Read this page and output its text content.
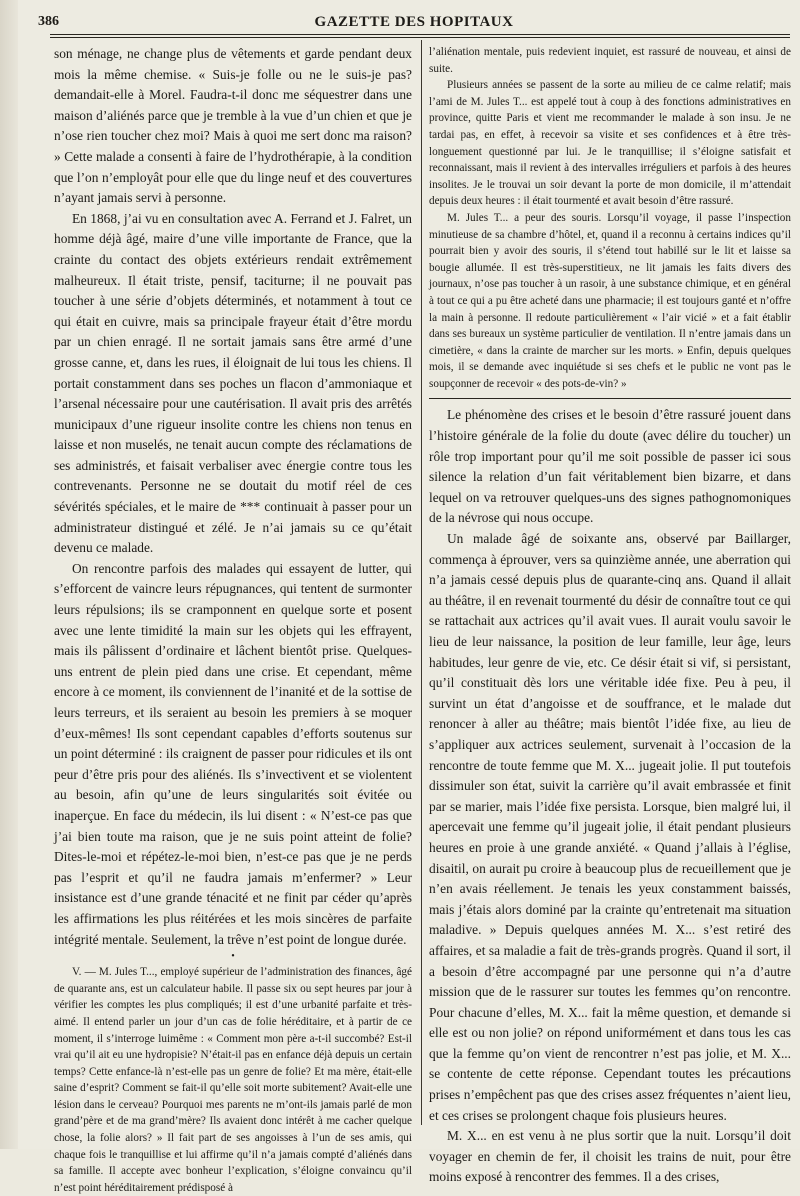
386	GAZETTE DES HOPITAUX

son ménage, ne change plus de vêtements et garde pendant deux mois la même chemise. « Suis-je folle ou ne le suis-je pas? demandait-elle à Morel. Faudra-t-il donc me séquestrer dans une maison d’aliénés parce que je tremble à la vue d’un chien et que je n’ose rien toucher chez moi? Mais à quoi me sert donc ma raison? » Cette malade a consenti à faire de l’hydrothérapie, à la condition que l’on n’employât pour elle que du linge neuf et des couvertures n’ayant jamais servi à personne.

En 1868, j’ai vu en consultation avec A. Ferrand et J. Falret, un homme déjà âgé, maire d’une ville importante de France, que la crainte du contact des objets extérieurs rendait extrêmement malheureux. Il était triste, pensif, taciturne; il ne pouvait pas toucher à une série d’objets déterminés, et notamment à tout ce qui était en cuivre, mais sa principale frayeur était d’être mordu par un chien enragé. Il ne sortait jamais sans être armé d’une grosse canne, et, dans les rues, il éloignait de lui tous les chiens. Il portait constamment dans ses poches un flacon d’ammoniaque et l’arsenal nécessaire pour une cautérisation. Il avait pris des arrêtés municipaux d’une rigueur insolite contre les chiens non tenus en laisse et non muselés, ne tenait aucun compte des réclamations de ses administrés, et faisait verbaliser avec énergie contre tous les contrevenants. Personne ne se doutait du motif réel de ces sévérités spéciales, et le maire de *** continuait à passer pour un administrateur distingué et zélé. Je n’ai jamais su ce qu’était devenu ce malade.

On rencontre parfois des malades qui essayent de lutter, qui s’efforcent de vaincre leurs répugnances, qui tentent de surmonter leurs répulsions; ils se cramponnent en quelque sorte et posent avec une lente timidité la main sur les objets qui les effrayent, mais ils pâlissent d’ordinaire et lâchent bientôt prise. Quelques-uns entrent de plein pied dans une crise. Et cependant, même encore à ce moment, ils conviennent de l’inanité et de la sottise de leurs terreurs, et ils seraient au besoin les premiers à se moquer d’eux-mêmes! Ils sont cependant capables d’efforts soutenus sur un point déterminé : ils craignent de passer pour ridicules et ils ont peur d’être pris pour des aliénés. Ils s’invectivent et se violentent au besoin, afin qu’une de leurs singularités soit évitée ou inaperçue. En face du médecin, ils lui disent : « N’est-ce pas que j’ai bien toute ma raison, que je ne suis point atteint de folie? Dites-le-moi et répétez-le-moi bien, n’est-ce pas que je ne perds pas l’esprit et qu’il ne faudra jamais m’enfermer? » Leur insistance est d’une grande ténacité et ne finit par céder qu’après les affirmations les plus réitérées et les mois sincères de parfaite intégrité mentale. Seulement, la trêve n’est point de longue durée.

•

V. — M. Jules T..., employé supérieur de l’administration des finances, âgé de quarante ans, est un calculateur habile. Il passe six ou sept heures par jour à vérifier les comptes les plus compliqués; il est d’une urbanité parfaite et très-aimé. Il entend parler un jour d’un cas de folie héréditaire, et à partir de ce moment, il s’interroge luimême : « Comment mon père a-t-il succombé? Est-il vrai qu’il ait eu une hydropisie? N’était-il pas en enfance déjà depuis un certain temps? Cette enfance-là n’est-elle pas un genre de folie? Et ma mère, était-elle saine d’esprit? Comment se fait-il qu’elle soit morte subitement? Avait-elle une lésion dans le cerveau? Pourquoi mes parents ne m’ont-ils jamais parlé de mon grand’père et de ma grand’mère? Ils avaient donc intérêt à me cacher quelque chose, la folie alors? » Il fait part de ses angoisses à l’un de ses amis, qui chaque fois le tranquillise et lui affirme qu’il n’a jamais compté d’aliénés dans sa famille. Il accepte avec bonheur l’explication, s’éloigne convaincu qu’il n’est point héréditairement prédisposé à

l’aliénation mentale, puis redevient inquiet, est rassuré de nouveau, et ainsi de suite.

Plusieurs années se passent de la sorte au milieu de ce calme relatif; mais l’ami de M. Jules T... est appelé tout à coup à des fonctions administratives en province, quitte Paris et vient me recommander le malade à son insu. Je ne tardai pas, en effet, à recevoir sa visite et ses confidences et à être très-longuement questionné par lui. Je le tranquillise; il s’éloigne satisfait et reconnaissant, mais il revient à des intervalles irréguliers et parfois à des heures insolites. Je le trouvai un soir devant la porte de mon domicile, il m’attendait depuis deux heures : il était tourmenté et avait besoin d’être rassuré.

M. Jules T... a peur des souris. Lorsqu’il voyage, il passe l’inspection minutieuse de sa chambre d’hôtel, et, quand il a reconnu à certains indices qu’il pourrait bien y avoir des souris, il s’étend tout habillé sur le lit et laisse sa bougie allumée. Il est très-superstitieux, ne lit jamais les faits divers des journaux, n’ose pas toucher à un rasoir, à une substance chimique, et en général à tout ce qui a pu être acheté dans une pharmacie; il est toujours ganté et n’offre la main à personne. Il redoute particulièrement « l’air vicié » et a fait établir dans ses bureaux un système particulier de ventilation. Il n’entre jamais dans un cimetière, « dans la crainte de marcher sur les morts. » Enfin, depuis quelques mois, il se demande avec inquiétude si ses chefs et le public ne vont pas le soupçonner de recevoir « des pots-de-vin? »

Le phénomène des crises et le besoin d’être rassuré jouent dans l’histoire générale de la folie du doute (avec délire du toucher) un rôle trop important pour qu’il me soit possible de passer ici sous silence la relation d’un fait véritablement bien bizarre, et dans lequel on va retrouver quelques-uns des signes pathognomoniques de la névrose qui nous occupe.

Un malade âgé de soixante ans, observé par Baillarger, commença à éprouver, vers sa quinzième année, une aberration qui n’a jamais cessé depuis plus de quarante-cinq ans. Quand il allait au théâtre, il en revenait tourmenté du désir de connaître tout ce qui se rattachait aux actrices qu’il avait vues. Il aurait voulu savoir le lieu de leur naissance, la position de leur famille, leur âge, leurs habitudes, leur genre de vie, etc. Ce désir était si vif, si persistant, qu’il constituait dès lors une véritable idée fixe. Peu à peu, il survint un état d’angoisse et de souffrance, et le malade dut renoncer à aller au théâtre; mais bientôt l’idée fixe, au lieu de s’appliquer aux actrices seulement, survenait à l’occasion de la rencontre de toute femme que M. X... jugeait jolie. Il put toutefois dissimuler son état, suivit la carrière qu’il avait embrassée et finit par se marier, mais l’idée fixe persista. Lorsque, bien malgré lui, il apercevait une femme qu’il jugeait jolie, il était pendant plusieurs heures en proie à une grande anxiété. « Quand j’allais à l’église, disaitil, on aurait pu croire à beaucoup plus de recueillement que je n’en avais réellement. Je tenais les yeux constamment baissés, mais j’étais alors dominé par la crainte qu’entretenait ma situation maladive. » Depuis quelques années M. X... s’est retiré des affaires, et sa maladie a fait de très-grands progrès. Quand il sort, il a besoin d’être accompagné par une personne qui n’a d’autre mission que de le rassurer sur toutes les femmes qu’on rencontre. Pour chacune d’elles, M. X... fait la même question, et demande si elle est ou non jolie? on répond uniformément et dans tous les cas que la femme qu’on vient de rencontrer n’est pas jolie, et M. X... se contente de cette réponse. Cependant toutes les précautions prises n’empêchent pas que des crises assez fréquentes n’aient lieu, et ces crises se prolongent chaque fois plusieurs heures.

M. X... en est venu à ne plus sortir que la nuit. Lorsqu’il doit voyager en chemin de fer, il choisit les trains de nuit, pour être moins exposé à rencontrer des femmes. Il a des crises,
